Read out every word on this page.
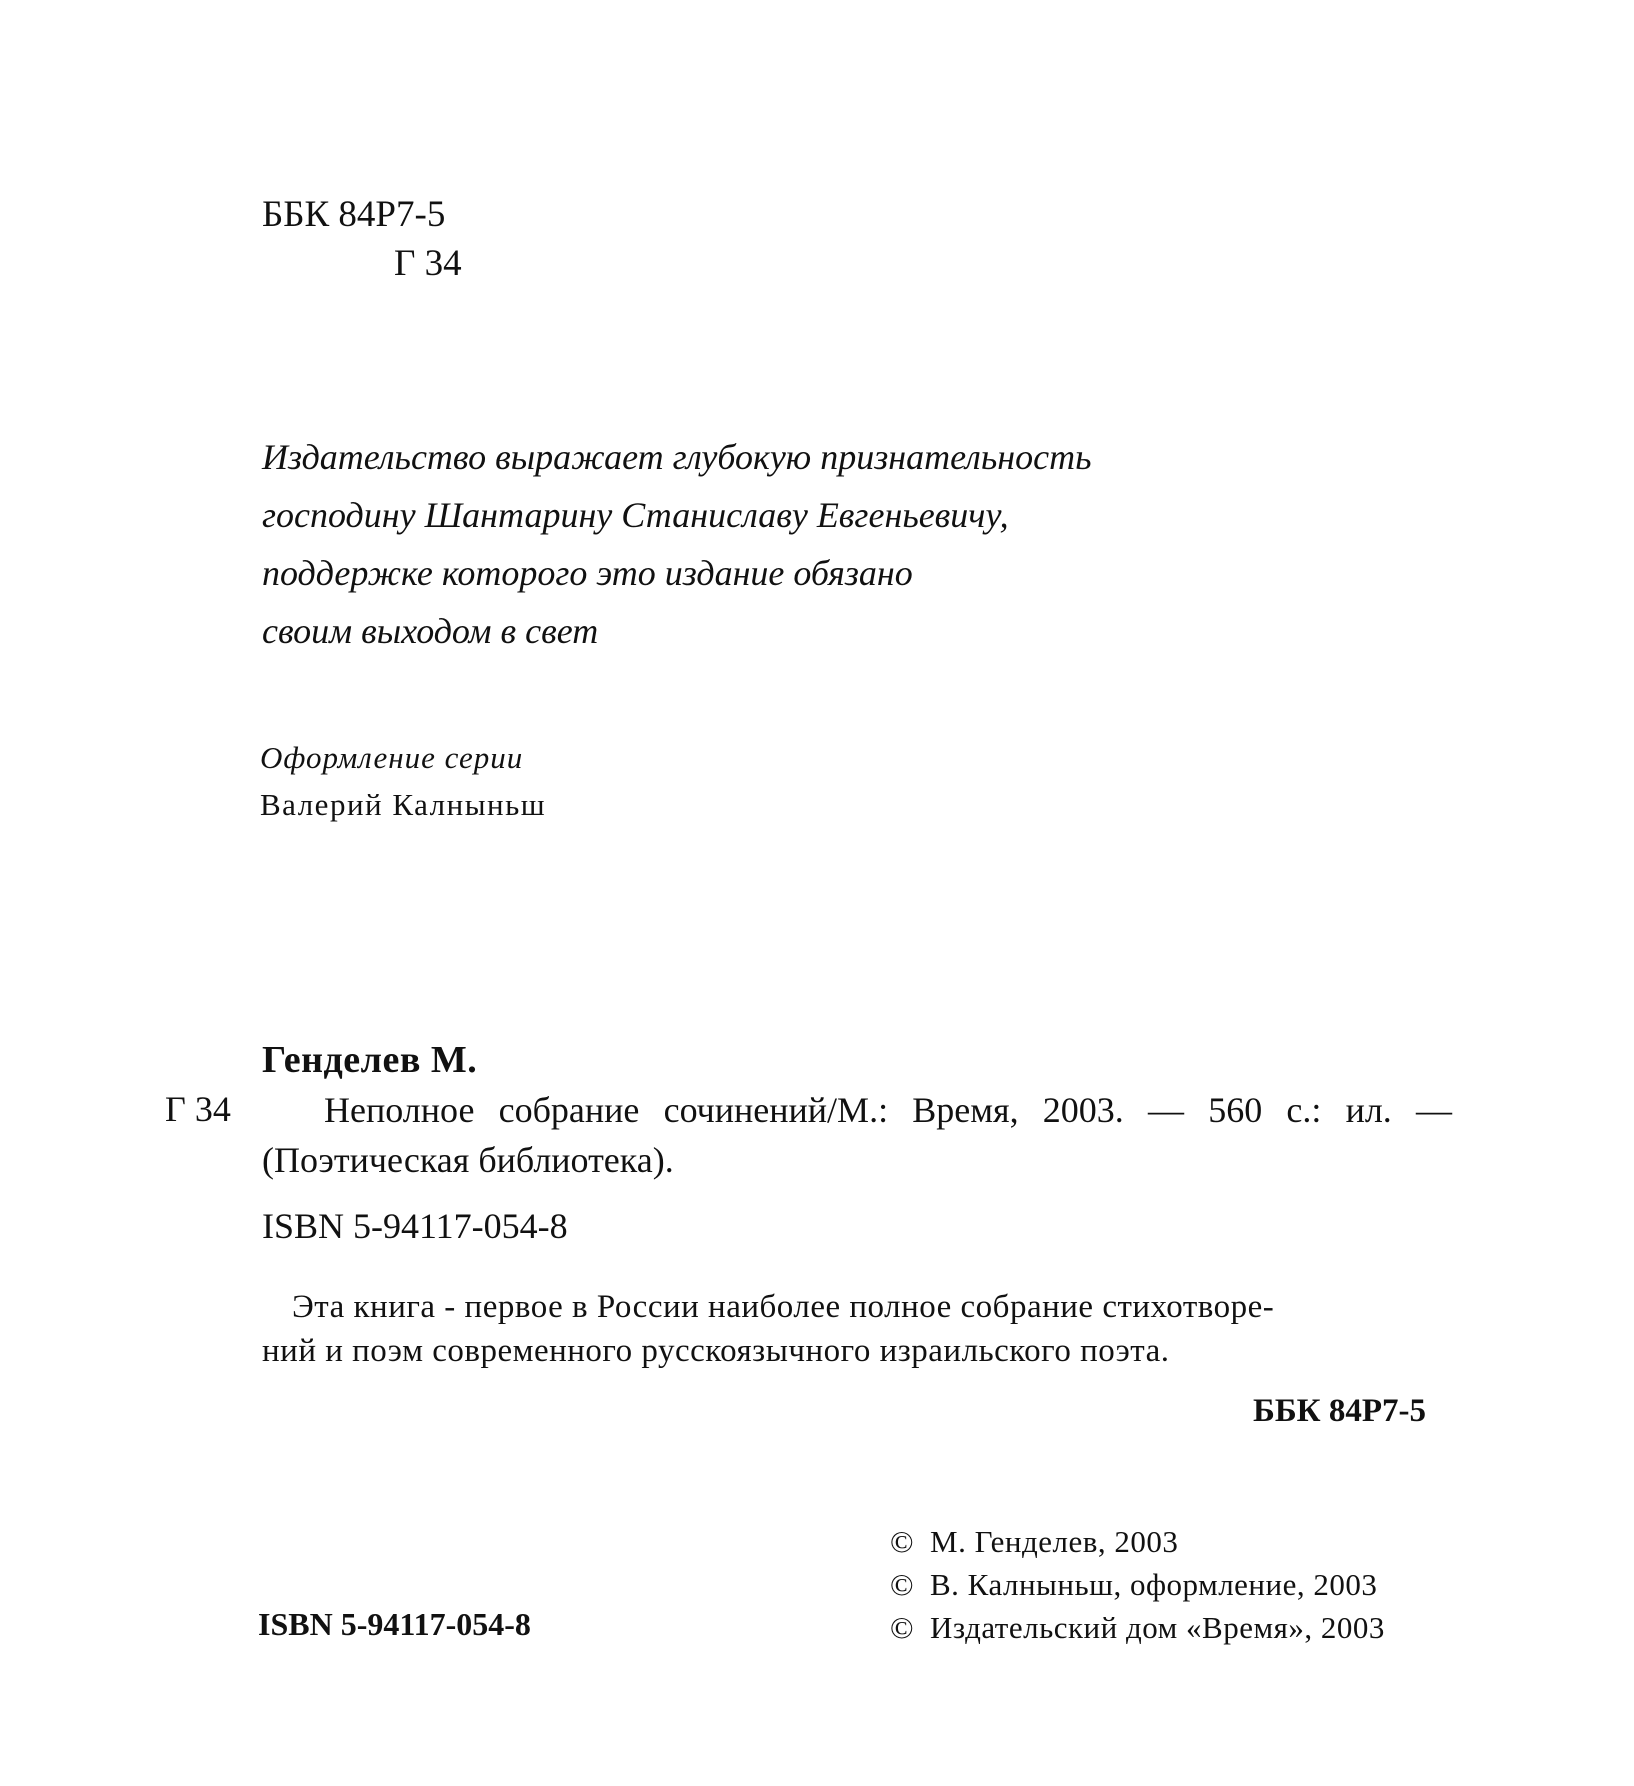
ББК 84Р7-5
Г 34
Издательство выражает глубокую признательность
господину Шантарину Станиславу Евгеньевичу,
поддержке которого это издание обязано
своим выходом в свет
Оформление серии
Валерий Калныньш
Генделев М.
Г 34	Неполное собрание сочинений/М.: Время, 2003. — 560 с.: ил. — (Поэтическая библиотека).
ISBN 5-94117-054-8
Эта книга - первое в России наиболее полное собрание стихотворе-
ний и поэм современного русскоязычного израильского поэта.
ББК 84Р7-5
ISBN 5-94117-054-8
© М. Генделев, 2003
© В. Калныньш, оформление, 2003
© Издательский дом «Время», 2003
